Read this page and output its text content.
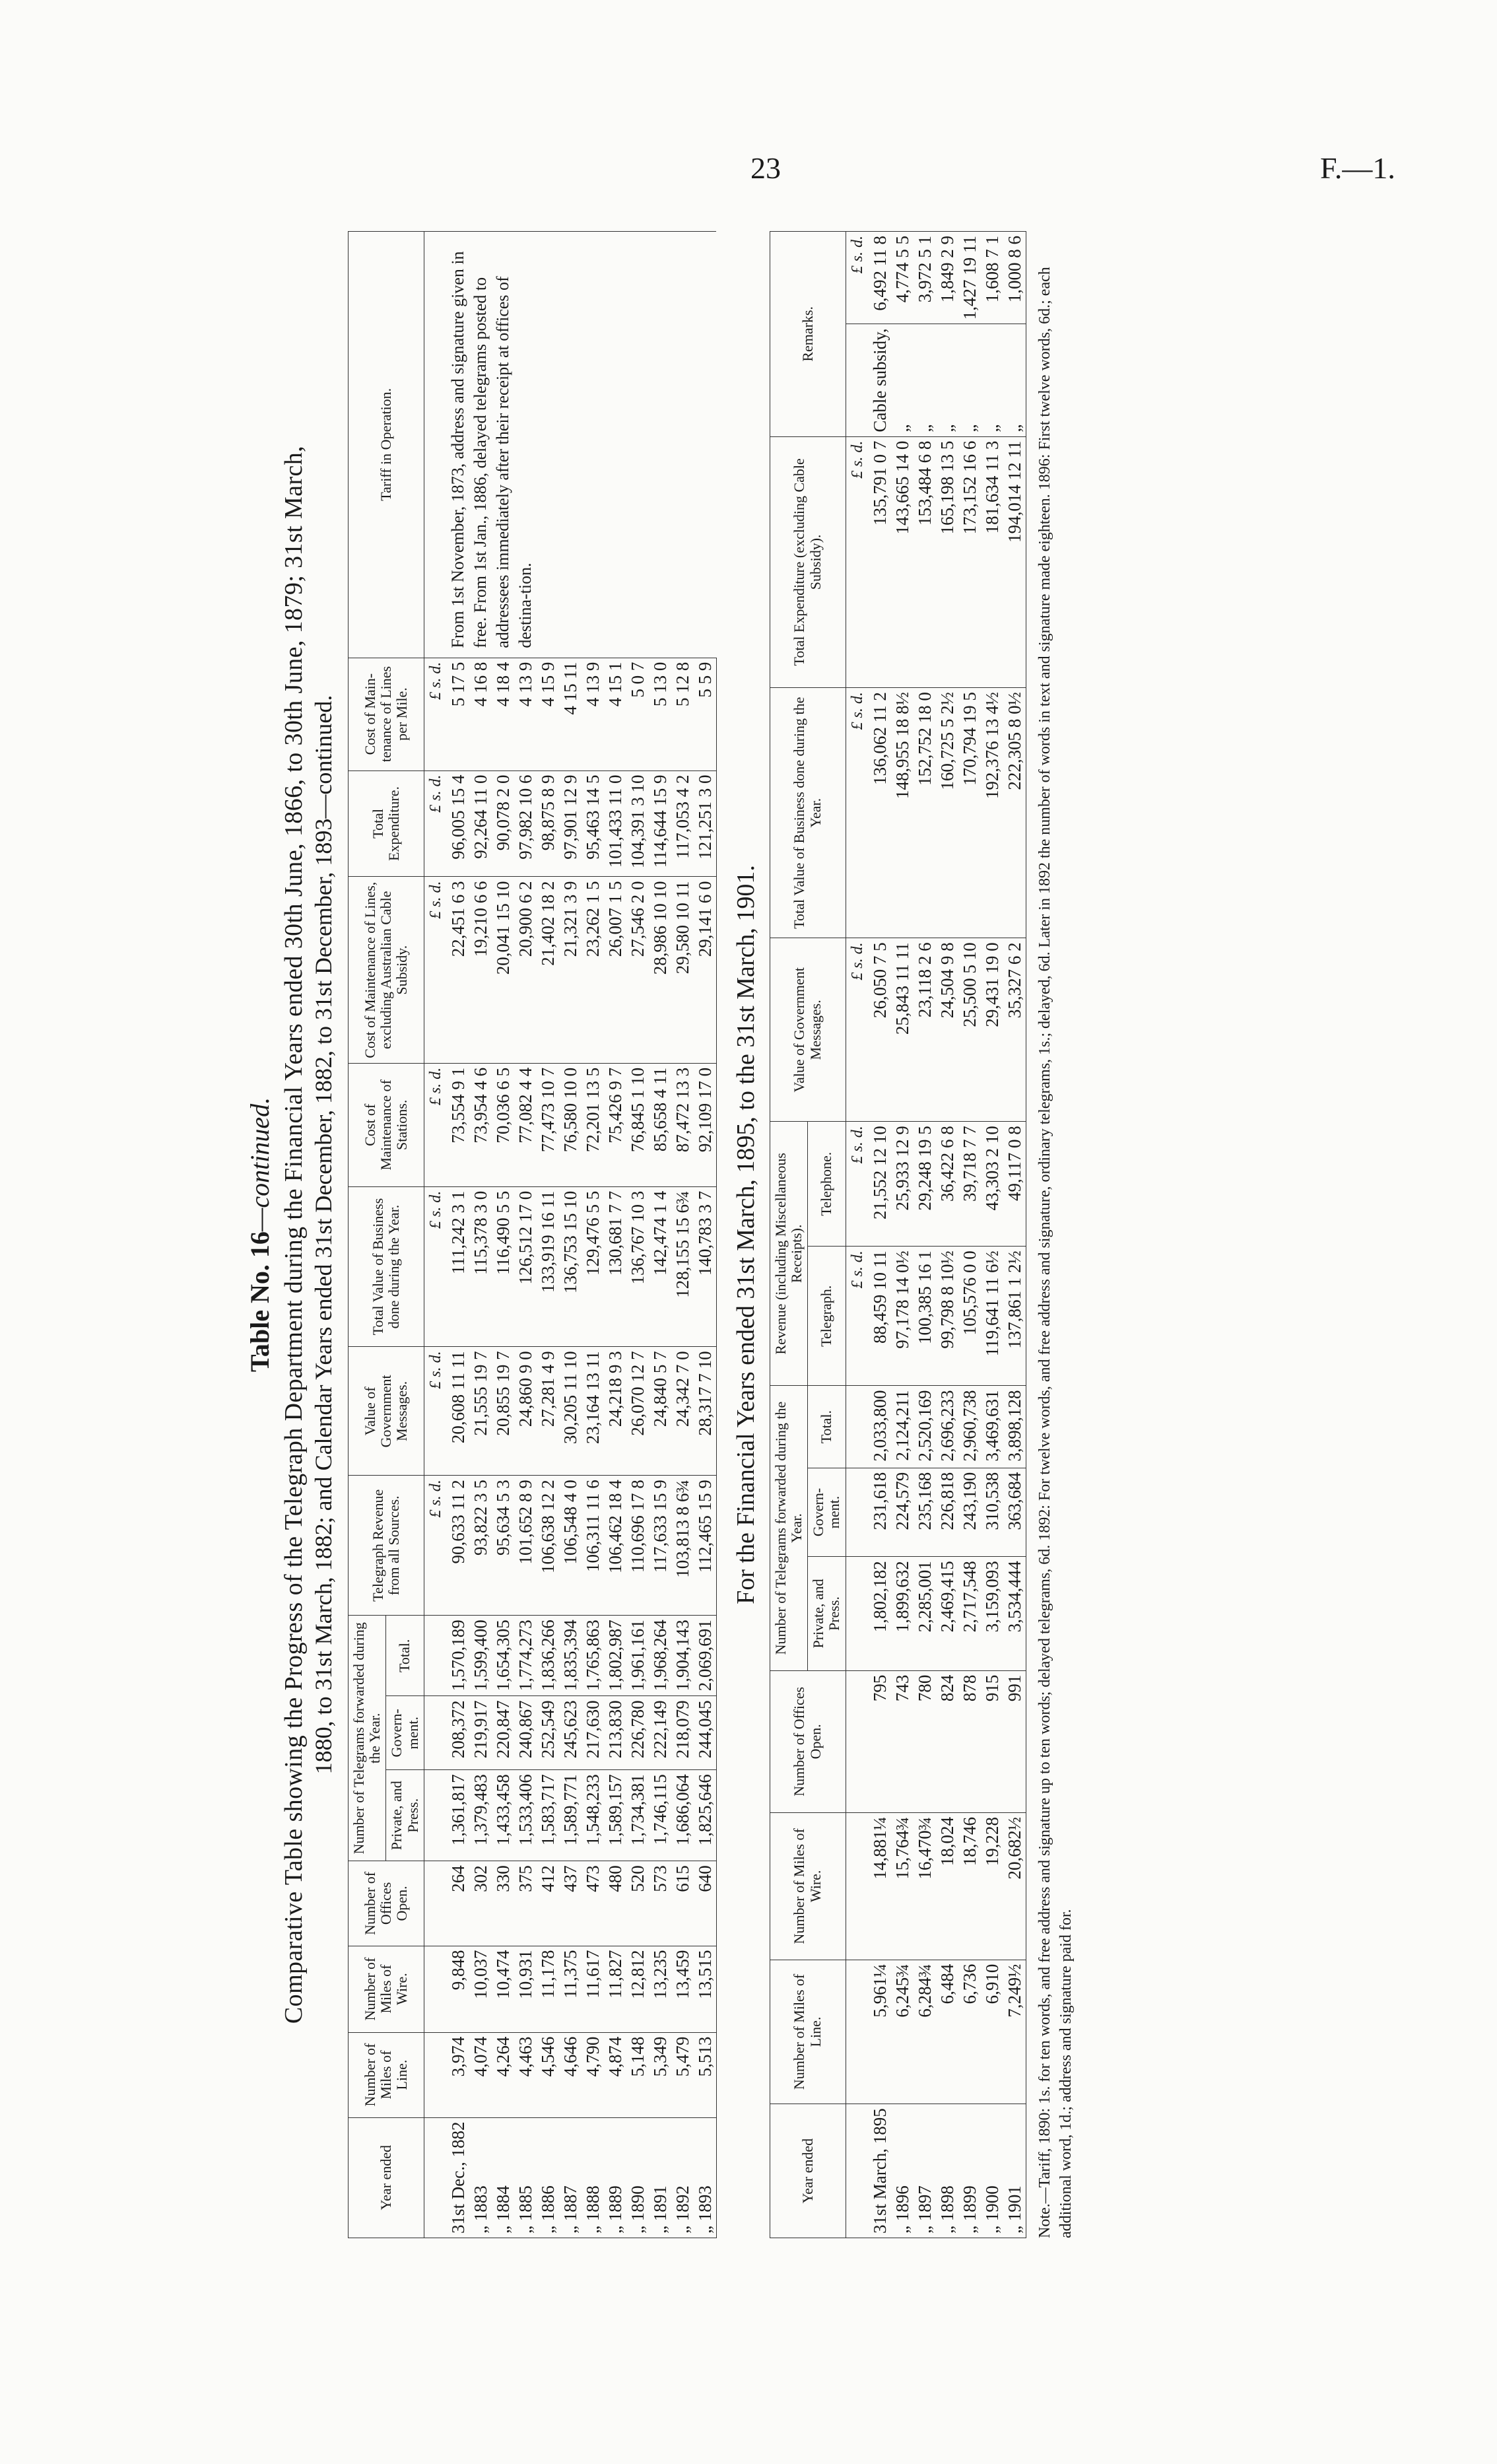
23	F.—1.
Table No. 16—continued. Comparative Table showing the Progress of the Telegraph Department during the Financial Years ended 30th June, 1866, to 30th June, 1879; 31st March, 1880, to 31st March, 1882; and Calendar Years ended 31st December, 1882, to 31st December, 1893—continued.
Year ended	Number of Miles of Line.	Number of Miles of Wire.	Number of Offices Open.	Number of Telegrams forwarded during the Year.			Telegraph Revenue from all Sources.	Value of Government Messages.	Total Value of Business done during the Year.	Cost of Maintenance of Stations.	Cost of Maintenance of Lines, excluding Australian Cable Subsidy.	Total Expenditure.	Cost of Main-tenance of Lines per Mile.	Tariff in Operation.
				Private, and Press.	Govern-ment.	Total.								
							£ s. d.	£ s. d.	£ s. d.	£ s. d.	£ s. d.	£ s. d.	£ s. d.	
31st Dec., 1882	3,974	9,848	264	1,361,817	208,372	1,570,189	90,633 11 2	20,608 11 11	111,242 3 1	73,554 9 1	22,451 6 3	96,005 15 4	5 17 5	From 1st November, 1873, address and signature given in free. From 1st Jan., 1886, delayed telegrams posted to addressees immediately after their receipt at offices of destina-tion.
„ 1883	4,074	10,037	302	1,379,483	219,917	1,599,400	93,822 3 5	21,555 19 7	115,378 3 0	73,954 4 6	19,210 6 6	92,264 11 0	4 16 8	
„ 1884	4,264	10,474	330	1,433,458	220,847	1,654,305	95,634 5 3	20,855 19 7	116,490 5 5	70,036 6 5	20,041 15 10	90,078 2 0	4 18 4	
„ 1885	4,463	10,931	375	1,533,406	240,867	1,774,273	101,652 8 9	24,860 9 0	126,512 17 0	77,082 4 4	20,900 6 2	97,982 10 6	4 13 9	
„ 1886	4,546	11,178	412	1,583,717	252,549	1,836,266	106,638 12 2	27,281 4 9	133,919 16 11	77,473 10 7	21,402 18 2	98,875 8 9	4 15 9	
„ 1887	4,646	11,375	437	1,589,771	245,623	1,835,394	106,548 4 0	30,205 11 10	136,753 15 10	76,580 10 0	21,321 3 9	97,901 12 9	4 15 11	
„ 1888	4,790	11,617	473	1,548,233	217,630	1,765,863	106,311 11 6	23,164 13 11	129,476 5 5	72,201 13 5	23,262 1 5	95,463 14 5	4 13 9	
„ 1889	4,874	11,827	480	1,589,157	213,830	1,802,987	106,462 18 4	24,218 9 3	130,681 7 7	75,426 9 7	26,007 1 5	101,433 11 0	4 15 1	
„ 1890	5,148	12,812	520	1,734,381	226,780	1,961,161	110,696 17 8	26,070 12 7	136,767 10 3	76,845 1 10	27,546 2 0	104,391 3 10	5 0 7	
„ 1891	5,349	13,235	573	1,746,115	222,149	1,968,264	117,633 15 9	24,840 5 7	142,474 1 4	85,658 4 11	28,986 10 10	114,644 15 9	5 13 0	
„ 1892	5,479	13,459	615	1,686,064	218,079	1,904,143	103,813 8 6¾	24,342 7 0	128,155 15 6¾	87,472 13 3	29,580 10 11	117,053 4 2	5 12 8	
„ 1893	5,513	13,515	640	1,825,646	244,045	2,069,691	112,465 15 9	28,317 7 10	140,783 3 7	92,109 17 0	29,141 6 0	121,251 3 0	5 5 9	
For the Financial Years ended 31st March, 1895, to the 31st March, 1901.
Year ended	Number of Miles of Line.	Number of Miles of Wire.	Number of Offices Open.	Number of Telegrams forwarded during the Year.			Revenue (including Miscellaneous Receipts).		Value of Government Messages.	Total Value of Business done during the Year.	Total Expenditure (excluding Cable Subsidy).	Remarks.	
				Private, and Press.	Govern-ment.	Total.	Telegraph.	Telephone.					
							£ s. d.	£ s. d.	£ s. d.	£ s. d.	£ s. d.		£ s. d.
31st March, 1895	5,961¼	14,881¼	795	1,802,182	231,618	2,033,800	88,459 10 11	21,552 12 10	26,050 7 5	136,062 11 2	135,791 0 7	Cable subsidy,	6,492 11 8
„ 1896	6,245¾	15,764¾	743	1,899,632	224,579	2,124,211	97,178 14 0½	25,933 12 9	25,843 11 11	148,955 18 8½	143,665 14 0	„	4,774 5 5
„ 1897	6,284¾	16,470¾	780	2,285,001	235,168	2,520,169	100,385 16 1	29,248 19 5	23,118 2 6	152,752 18 0	153,484 6 8	„	3,972 5 1
„ 1898	6,484	18,024	824	2,469,415	226,818	2,696,233	99,798 8 10½	36,422 6 8	24,504 9 8	160,725 5 2½	165,198 13 5	„	1,849 2 9
„ 1899	6,736	18,746	878	2,717,548	243,190	2,960,738	105,576 0 0	39,718 7 7	25,500 5 10	170,794 19 5	173,152 16 6	„	1,427 19 11
„ 1900	6,910	19,228	915	3,159,093	310,538	3,469,631	119,641 11 6½	43,303 2 10	29,431 19 0	192,376 13 4½	181,634 11 3	„	1,608 7 1
„ 1901	7,249½	20,682½	991	3,534,444	363,684	3,898,128	137,861 1 2½	49,117 0 8	35,327 6 2	222,305 8 0½	194,014 12 11	„	1,000 8 6 Note.—Tariff, 1890: 1s. for ten words, and free address and signature up to ten words; delayed telegrams, 6d. 1892: For twelve words, and free address and signature, ordinary telegrams, 1s.; delayed, 6d. Later in 1892 the number of words in text and signature made eighteen. 1896: First twelve words, 6d.; each additional word, 1d.; address and signature paid for.
